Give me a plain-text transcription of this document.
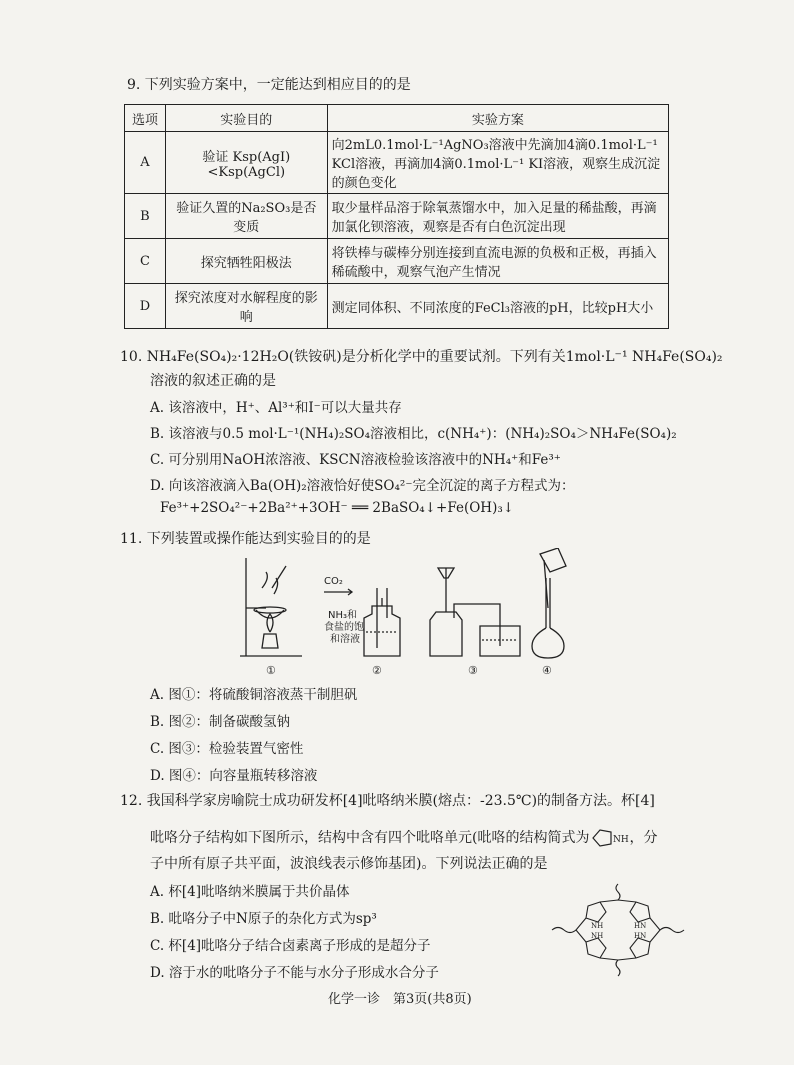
9. 下列实验方案中，一定能达到相应目的的是
选项	实验目的	实验方案
A	验证 Ksp(AgI)<Ksp(AgCl)	向2mL0.1mol·L⁻¹AgNO₃溶液中先滴加4滴0.1mol·L⁻¹ KCl溶液，再滴加4滴0.1mol·L⁻¹ KI溶液，观察生成沉淀的颜色变化
B	验证久置的Na₂SO₃是否变质	取少量样品溶于除氧蒸馏水中，加入足量的稀盐酸，再滴加氯化钡溶液，观察是否有白色沉淀出现
C	探究牺牲阳极法	将铁棒与碳棒分别连接到直流电源的负极和正极，再插入稀硫酸中，观察气泡产生情况
D	探究浓度对水解程度的影响	测定同体积、不同浓度的FeCl₃溶液的pH，比较pH大小
10. NH₄Fe(SO₄)₂·12H₂O(铁铵矾)是分析化学中的重要试剂。下列有关1mol·L⁻¹ NH₄Fe(SO₄)₂
溶液的叙述正确的是
A. 该溶液中，H⁺、Al³⁺和I⁻可以大量共存
B. 该溶液与0.5 mol·L⁻¹(NH₄)₂SO₄溶液相比，c(NH₄⁺)：(NH₄)₂SO₄＞NH₄Fe(SO₄)₂
C. 可分别用NaOH浓溶液、KSCN溶液检验该溶液中的NH₄⁺和Fe³⁺
D. 向该溶液滴入Ba(OH)₂溶液恰好使SO₄²⁻完全沉淀的离子方程式为：
Fe³⁺+2SO₄²⁻+2Ba²⁺+3OH⁻ ══ 2BaSO₄↓+Fe(OH)₃↓
11. 下列装置或操作能达到实验目的的是
CO₂
NH₃和
食盐的饱
和溶液
①	②	③	④
A. 图①：将硫酸铜溶液蒸干制胆矾
B. 图②：制备碳酸氢钠
C. 图③：检验装置气密性
D. 图④：向容量瓶转移溶液
12. 我国科学家房喻院士成功研发杯[4]吡咯纳米膜(熔点：-23.5℃)的制备方法。杯[4]
吡咯分子结构如下图所示，结构中含有四个吡咯单元(吡咯的结构简式为	NH ，分
子中所有原子共平面，波浪线表示修饰基团)。下列说法正确的是
A. 杯[4]吡咯纳米膜属于共价晶体
B. 吡咯分子中N原子的杂化方式为sp³
C. 杯[4]吡咯分子结合卤素离子形成的是超分子
D. 溶于水的吡咯分子不能与水分子形成水合分子
NH	HN
NH	HN
化学一诊　第3页(共8页)
